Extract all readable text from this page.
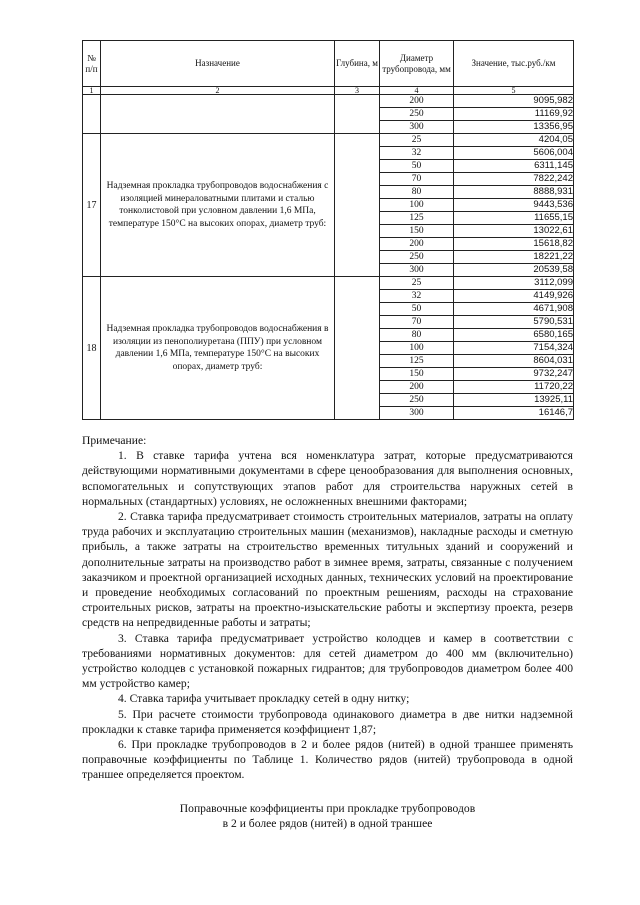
№ п/п	Назначение	Глубина, м	Диаметр трубопровода, мм	Значение, тыс.руб./км
1	2	3	4	5
			200	9095,982
			250	11169,92
			300	13356,95
17	Надземная прокладка трубопроводов водоснабжения с изоляцией минераловатными плитами и сталью тонколистовой при условном давлении 1,6 МПа, температуре 150°С на высоких опорах, диаметр труб:		25	4204,05
			32	5606,004
			50	6311,145
			70	7822,242
			80	8888,931
			100	9443,536
			125	11655,15
			150	13022,61
			200	15618,82
			250	18221,22
			300	20539,58
18	Надземная прокладка трубопроводов водоснабжения в изоляции из пенополиуретана (ППУ) при условном давлении 1,6 МПа, температуре 150°С на высоких опорах, диаметр труб:		25	3112,099
			32	4149,926
			50	4671,908
			70	5790,531
			80	6580,165
			100	7154,324
			125	8604,031
			150	9732,247
			200	11720,22
			250	13925,11
			300	16146,7

Примечание:

1. В ставке тарифа учтена вся номенклатура затрат, которые предусматриваются действующими нормативными документами в сфере ценообразования для выполнения основных, вспомогательных и сопутствующих этапов работ для строительства наружных сетей в нормальных (стандартных) условиях, не осложненных внешними факторами;

2. Ставка тарифа предусматривает стоимость строительных материалов, затраты на оплату труда рабочих и эксплуатацию строительных машин (механизмов), накладные расходы и сметную прибыль, а также затраты на строительство временных титульных зданий и сооружений и дополнительные затраты на производство работ в зимнее время, затраты, связанные с получением заказчиком и проектной организацией исходных данных, технических условий на проектирование и проведение необходимых согласований по проектным решениям, расходы на страхование строительных рисков, затраты на проектно-изыскательские работы и экспертизу проекта, резерв средств на непредвиденные работы и затраты;

3. Ставка тарифа предусматривает устройство колодцев и камер в соответствии с требованиями нормативных документов: для сетей диаметром до 400 мм (включительно) устройство колодцев с установкой пожарных гидрантов; для трубопроводов диаметром более 400 мм устройство камер;

4. Ставка тарифа учитывает прокладку сетей в одну нитку;

5. При расчете стоимости трубопровода одинакового диаметра в две нитки надземной прокладки к ставке тарифа применяется коэффициент 1,87;

6. При прокладке трубопроводов в 2 и более рядов (нитей) в одной траншее применять поправочные коэффициенты по Таблице 1. Количество рядов (нитей) трубопровода в одной траншее определяется проектом.

Поправочные коэффициенты при прокладке трубопроводов
в 2 и более рядов (нитей) в одной траншее
